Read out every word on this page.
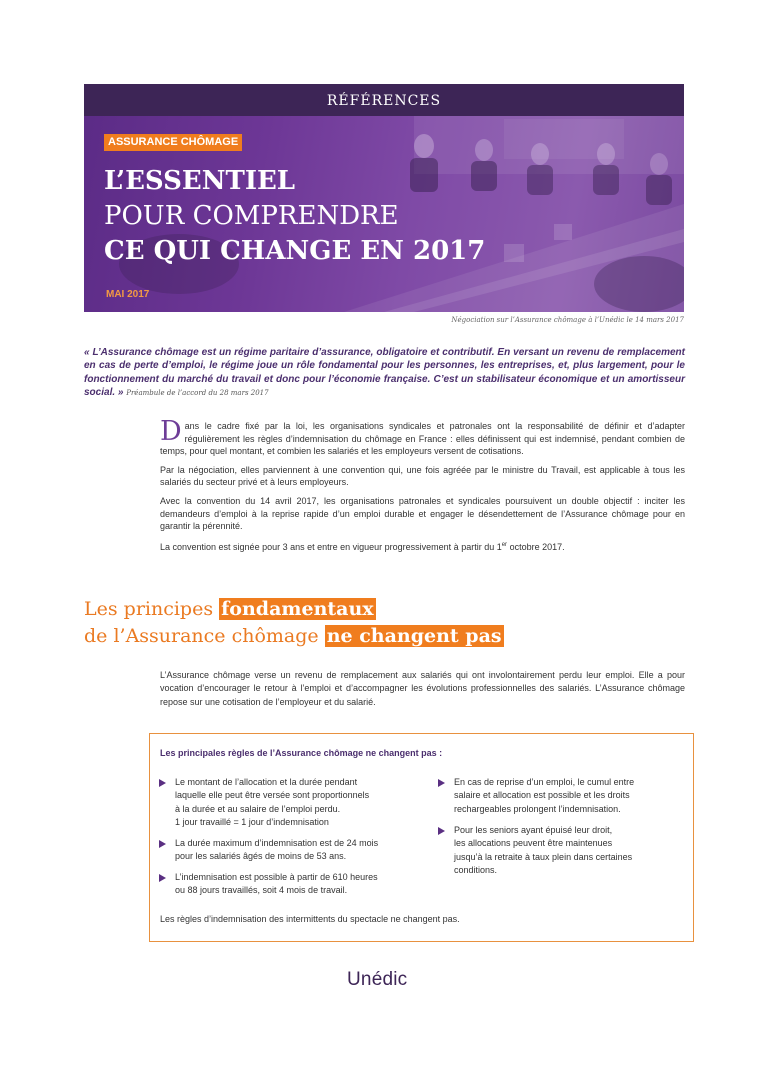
RÉFÉRENCES
ASSURANCE CHÔMAGE
L’ESSENTIEL
POUR COMPRENDRE
CE QUI CHANGE EN 2017
MAI 2017
Négociation sur l’Assurance chômage à l’Unédic le 14 mars 2017
« L’Assurance chômage est un régime paritaire d’assurance, obligatoire et contributif. En versant un revenu de remplacement en cas de perte d’emploi, le régime joue un rôle fondamental pour les personnes, les entreprises, et, plus largement, pour le fonctionnement du marché du travail et donc pour l’économie française. C’est un stabilisateur économique et un amortisseur social. » Préambule de l’accord du 28 mars 2017

Dans le cadre fixé par la loi, les organisations syndicales et patronales ont la responsabilité de définir et d’adapter régulièrement les règles d’indemnisation du chômage en France : elles définissent qui est indemnisé, pendant combien de temps, pour quel montant, et combien les salariés et les employeurs versent de cotisations.

Par la négociation, elles parviennent à une convention qui, une fois agréée par le ministre du Travail, est applicable à tous les salariés du secteur privé et à leurs employeurs.

Avec la convention du 14 avril 2017, les organisations patronales et syndicales poursuivent un double objectif : inciter les demandeurs d’emploi à la reprise rapide d’un emploi durable et engager le désendettement de l’Assurance chômage pour en garantir la pérennité.

La convention est signée pour 3 ans et entre en vigueur progressivement à partir du 1er octobre 2017.

Les principes fondamentaux
de l’Assurance chômage ne changent pas
L’Assurance chômage verse un revenu de remplacement aux salariés qui ont involontairement perdu leur emploi. Elle a pour vocation d’encourager le retour à l’emploi et d’accompagner les évolutions professionnelles des salariés. L’Assurance chômage repose sur une cotisation de l’employeur et du salarié.
Les principales règles de l’Assurance chômage ne changent pas :
Le montant de l’allocation et la durée pendant
laquelle elle peut être versée sont proportionnels
à la durée et au salaire de l’emploi perdu.
1 jour travaillé = 1 jour d’indemnisation
La durée maximum d’indemnisation est de 24 mois
pour les salariés âgés de moins de 53 ans.
L’indemnisation est possible à partir de 610 heures
ou 88 jours travaillés, soit 4 mois de travail.
En cas de reprise d’un emploi, le cumul entre
salaire et allocation est possible et les droits
rechargeables prolongent l’indemnisation.
Pour les seniors ayant épuisé leur droit,
les allocations peuvent être maintenues
jusqu’à la retraite à taux plein dans certaines
conditions.
Les règles d’indemnisation des intermittents du spectacle ne changent pas.
Unédic
